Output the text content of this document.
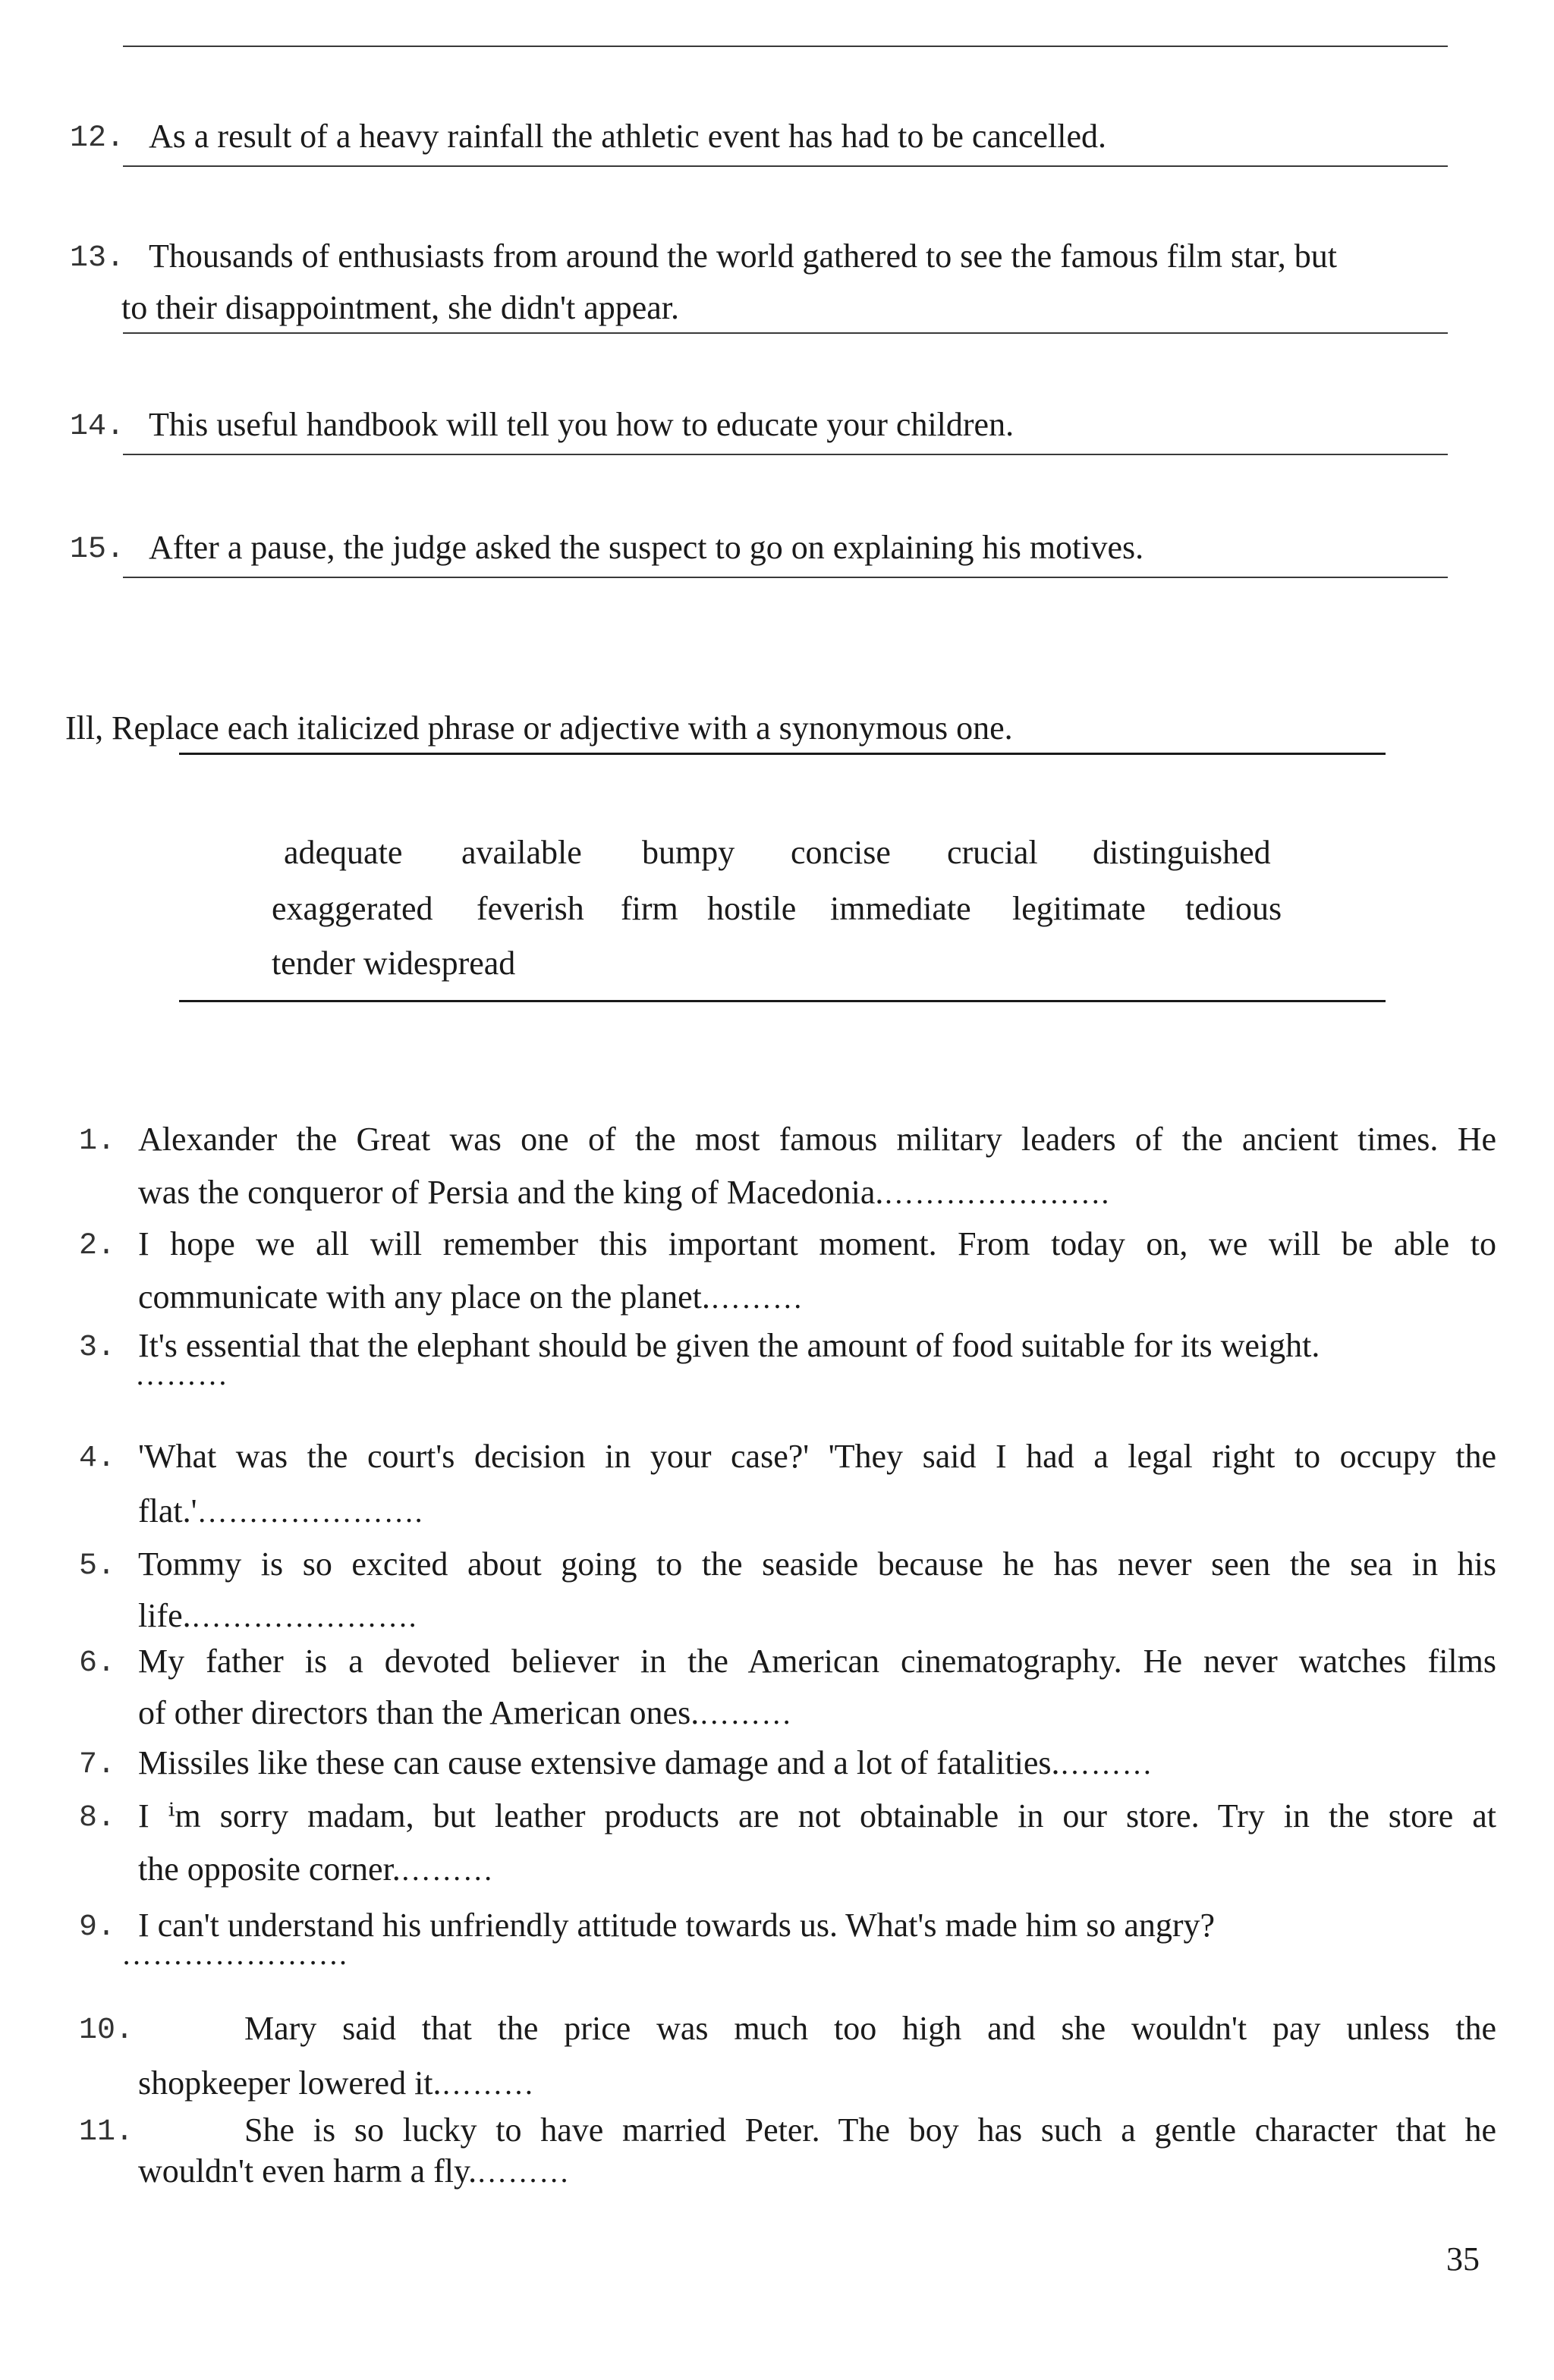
12. As a result of a heavy rainfall the athletic event has had to be cancelled.
13. Thousands of enthusiasts from around the world gathered to see the famous film star, but
to their disappointment, she didn't appear.
14. This useful handbook will tell you how to educate your children.
15. After a pause, the judge asked the suspect to go on explaining his motives.
Ill, Replace each italicized phrase or adjective with a synonymous one.
adequate available bumpy concise crucial distinguished
exaggerated feverish firm hostile immediate legitimate tedious
tender widespread
1. Alexander the Great was one of the most famous military leaders of the ancient times. He
was the conqueror of Persia and the king of Macedonia.………………….
2. I hope we all will remember this important moment. From today on, we will be able to
communicate with any place on the planet.………
3. It's essential that the elephant should be given the amount of food suitable for its weight.
………
4. 'What was the court's decision in your case?' 'They said I had a legal right to occupy the
flat.'………………….
5. Tommy is so excited about going to the seaside because he has never seen the sea in his
life.………………….
6. My father is a devoted believer in the American cinematography. He never watches films
of other directors than the American ones.………
7. Missiles like these can cause extensive damage and a lot of fatalities.………
8. I ⁱm sorry madam, but leather products are not obtainable in our store. Try in the store at
the opposite corner.………
9. I can't understand his unfriendly attitude towards us. What's made him so angry?
………………….
10.	Mary said that the price was much too high and she wouldn't pay unless the
shopkeeper lowered it.………
11.	She is so lucky to have married Peter. The boy has such a gentle character that he
wouldn't even harm a fly.………
35
